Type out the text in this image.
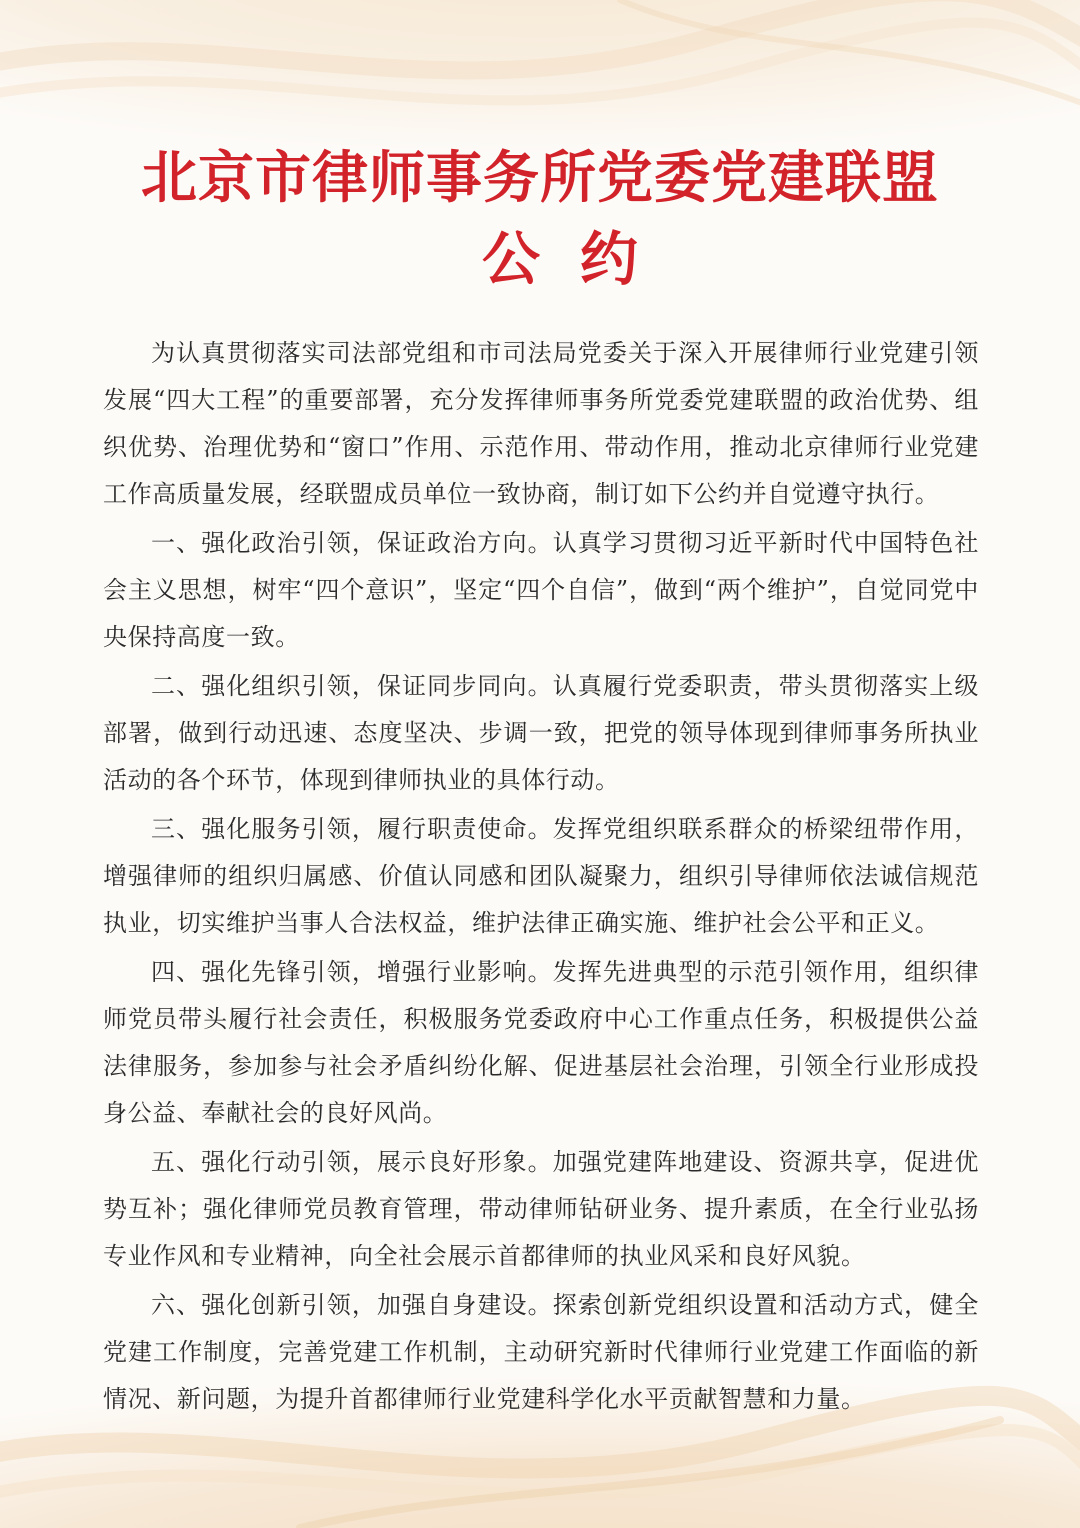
北京市律师事务所党委党建联盟
公约

为认真贯彻落实司法部党组和市司法局党委关于深入开展律师行业党建引领发展“四大工程”的重要部署，充分发挥律师事务所党委党建联盟的政治优势、组织优势、治理优势和“窗口”作用、示范作用、带动作用，推动北京律师行业党建工作高质量发展，经联盟成员单位一致协商，制订如下公约并自觉遵守执行。

一、强化政治引领，保证政治方向。认真学习贯彻习近平新时代中国特色社会主义思想，树牢“四个意识”，坚定“四个自信”，做到“两个维护”，自觉同党中央保持高度一致。

二、强化组织引领，保证同步同向。认真履行党委职责，带头贯彻落实上级部署，做到行动迅速、态度坚决、步调一致，把党的领导体现到律师事务所执业活动的各个环节，体现到律师执业的具体行动。

三、强化服务引领，履行职责使命。发挥党组织联系群众的桥梁纽带作用，增强律师的组织归属感、价值认同感和团队凝聚力，组织引导律师依法诚信规范执业，切实维护当事人合法权益，维护法律正确实施、维护社会公平和正义。

四、强化先锋引领，增强行业影响。发挥先进典型的示范引领作用，组织律师党员带头履行社会责任，积极服务党委政府中心工作重点任务，积极提供公益法律服务，参加参与社会矛盾纠纷化解、促进基层社会治理，引领全行业形成投身公益、奉献社会的良好风尚。

五、强化行动引领，展示良好形象。加强党建阵地建设、资源共享，促进优势互补；强化律师党员教育管理，带动律师钻研业务、提升素质，在全行业弘扬专业作风和专业精神，向全社会展示首都律师的执业风采和良好风貌。

六、强化创新引领，加强自身建设。探索创新党组织设置和活动方式，健全党建工作制度，完善党建工作机制，主动研究新时代律师行业党建工作面临的新情况、新问题，为提升首都律师行业党建科学化水平贡献智慧和力量。
